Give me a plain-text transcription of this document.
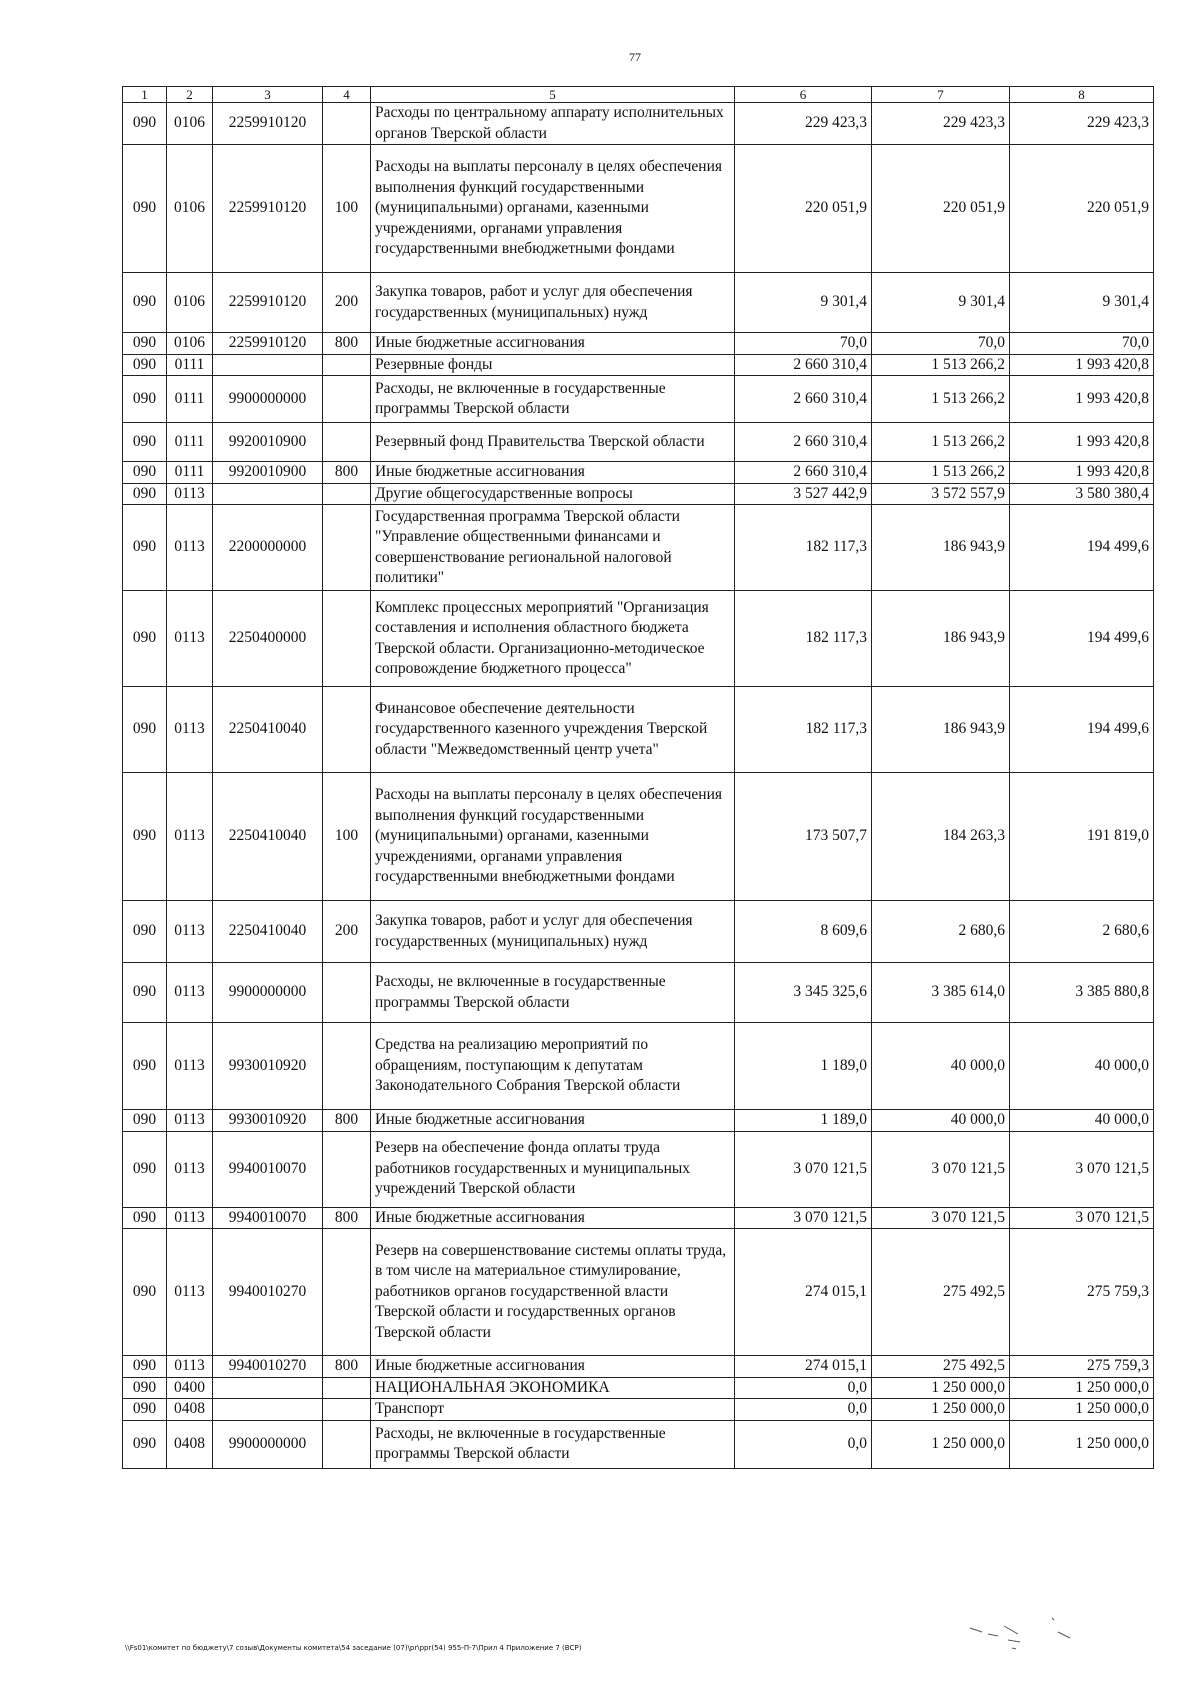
77
1	2	3	4	5	6	7	8
090	0106	2259910120		Расходы по центральному аппарату исполнительных органов Тверской области	229 423,3	229 423,3	229 423,3
090	0106	2259910120	100	Расходы на выплаты персоналу в целях обеспечения выполнения функций государственными (муниципальными) органами, казенными учреждениями, органами управления государственными внебюджетными фондами	220 051,9	220 051,9	220 051,9
090	0106	2259910120	200	Закупка товаров, работ и услуг для обеспечения государственных (муниципальных) нужд	9 301,4	9 301,4	9 301,4
090	0106	2259910120	800	Иные бюджетные ассигнования	70,0	70,0	70,0
090	0111			Резервные фонды	2 660 310,4	1 513 266,2	1 993 420,8
090	0111	9900000000		Расходы, не включенные в государственные программы Тверской области	2 660 310,4	1 513 266,2	1 993 420,8
090	0111	9920010900		Резервный фонд Правительства Тверской области	2 660 310,4	1 513 266,2	1 993 420,8
090	0111	9920010900	800	Иные бюджетные ассигнования	2 660 310,4	1 513 266,2	1 993 420,8
090	0113			Другие общегосударственные вопросы	3 527 442,9	3 572 557,9	3 580 380,4
090	0113	2200000000		Государственная программа Тверской области "Управление общественными финансами и совершенствование региональной налоговой политики"	182 117,3	186 943,9	194 499,6
090	0113	2250400000		Комплекс процессных мероприятий "Организация составления и исполнения областного бюджета Тверской области. Организационно-методическое сопровождение бюджетного процесса"	182 117,3	186 943,9	194 499,6
090	0113	2250410040		Финансовое обеспечение деятельности государственного казенного учреждения Тверской области "Межведомственный центр учета"	182 117,3	186 943,9	194 499,6
090	0113	2250410040	100	Расходы на выплаты персоналу в целях обеспечения выполнения функций государственными (муниципальными) органами, казенными учреждениями, органами управления государственными внебюджетными фондами	173 507,7	184 263,3	191 819,0
090	0113	2250410040	200	Закупка товаров, работ и услуг для обеспечения государственных (муниципальных) нужд	8 609,6	2 680,6	2 680,6
090	0113	9900000000		Расходы, не включенные в государственные программы Тверской области	3 345 325,6	3 385 614,0	3 385 880,8
090	0113	9930010920		Средства на реализацию мероприятий по обращениям, поступающим к депутатам Законодательного Собрания Тверской области	1 189,0	40 000,0	40 000,0
090	0113	9930010920	800	Иные бюджетные ассигнования	1 189,0	40 000,0	40 000,0
090	0113	9940010070		Резерв на обеспечение фонда оплаты труда работников государственных и муниципальных учреждений Тверской области	3 070 121,5	3 070 121,5	3 070 121,5
090	0113	9940010070	800	Иные бюджетные ассигнования	3 070 121,5	3 070 121,5	3 070 121,5
090	0113	9940010270		Резерв на совершенствование системы оплаты труда, в том числе на материальное стимулирование, работников органов государственной власти Тверской области и государственных органов Тверской области	274 015,1	275 492,5	275 759,3
090	0113	9940010270	800	Иные бюджетные ассигнования	274 015,1	275 492,5	275 759,3
090	0400			НАЦИОНАЛЬНАЯ ЭКОНОМИКА	0,0	1 250 000,0	1 250 000,0
090	0408			Транспорт	0,0	1 250 000,0	1 250 000,0
090	0408	9900000000		Расходы, не включенные в государственные программы Тверской области	0,0	1 250 000,0	1 250 000,0
\\Fs01\комитет по бюджету\7 созыв\Документы комитета\54 заседание (07)\pr\ppr(54) 955-П-7\Прил 4 Приложение 7 (ВСР)
